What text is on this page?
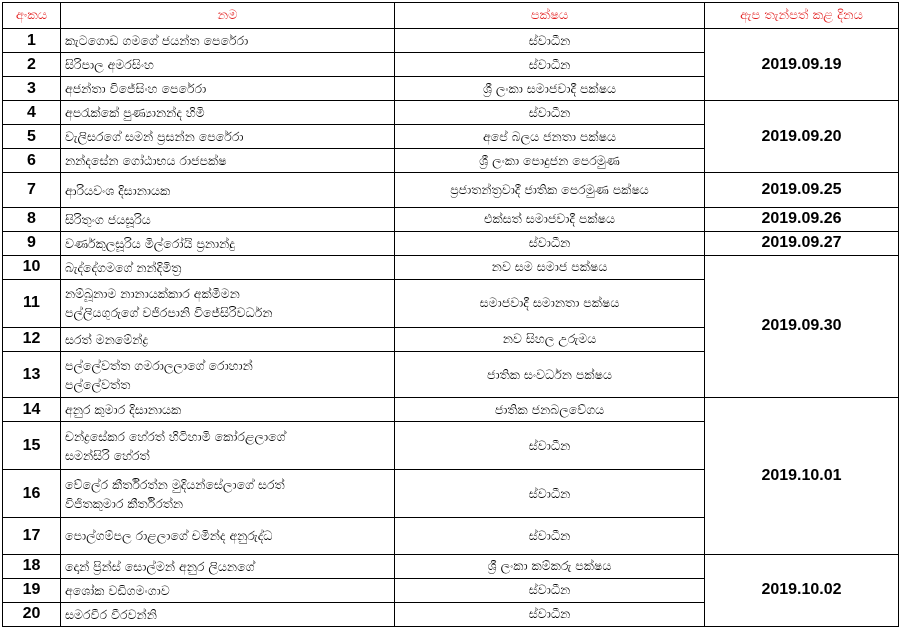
අංකය	නම	පක්ෂය	ඇප තැන්පත් කළ දිනය
1	කැටගොඩ ගමගේ ජයන්ත පෙරේරා	ස්වාධීන	2019.09.19
2	සිරිපාල අමරසිංහ	ස්වාධීන	
3	අජන්තා විජේසිංහ පෙරේරා	ශ්‍රී ලංකා සමාජවාදී පක්ෂය	
4	අපරැක්කේ පුණ්‍යානන්ද හිමි	ස්වාධීන	2019.09.20
5	වැලිසරගේ සමන් ප්‍රසන්න පෙරේරා	අපේ බලය ජනතා පක්ෂය	
6	නන්දසේන ගෝඨාභය රාජපක්ෂ	ශ්‍රී ලංකා පොදුජන පෙරමුණ	
7	ආරියවංශ දිසානායක	ප්‍රජාතන්ත්‍රවාදී ජාතික පෙරමුණ පක්ෂය	2019.09.25
8	සිරිතුංග ජයසූරිය	එක්සත් සමාජවාදී පක්ෂය	2019.09.26
9	වර්ණකුලසූරිය මිල්රෝයි ප්‍රනාන්දු	ස්වාධීන	2019.09.27
10	බැද්දේගමගේ නන්දිමිත්‍ර	නව සම සමාජ පක්ෂය	2019.09.30
11	නම්බූනාම නානායක්කාර අක්මීමන
පල්ලියගුරුගේ වජිරපානි විජේසිරිවර්ධන	සමාජවාදී සමානතා පක්ෂය	
12	සරත් මනමේන්ද්‍ර	නව සිහල උරුමය	
13	පල්ලේවත්ත ගමරාලලාගේ රොහාන්
පල්ලේවත්ත	ජාතික සංවර්ධන පක්ෂය	
14	අනුර කුමාර දිසානායක	ජාතික ජනබලවේගය	2019.10.01
15	චන්ද්‍රසේකර හේරත් හිටිහාමි කෝරළලාගේ
සමන්සිරි හේරත්	ස්වාධීන	
16	වේලේර කීර්තිරත්න මුදියන්සේලාගේ සරත්
විජිතකුමාර කීර්තිරත්න	ස්වාධීන	
17	පොල්ගම්පල රාළලාගේ චමින්ද අනුරුද්ධ	ස්වාධීන	
18	දොන් ප්‍රින්ස් සොල්මන් අනුර ලියනගේ	ශ්‍රී ලංකා කම්කරු පක්ෂය	2019.10.02
19	අශෝක වඩිගමංගාව	ස්වාධීන	
20	සමරවීර වීරවන්නි	ස්වාධීන	
